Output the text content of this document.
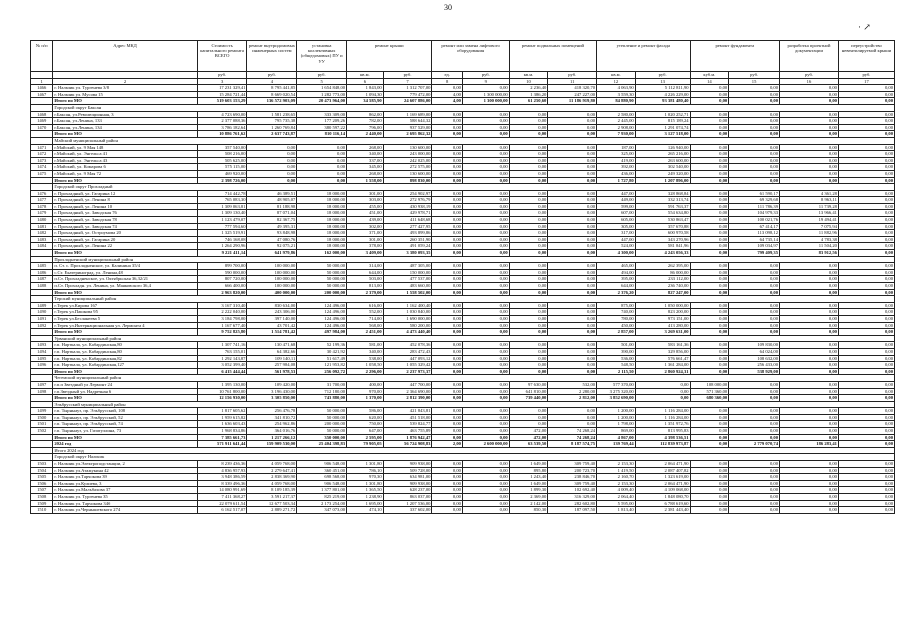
30
· ↗
№ п/п	Адрес МКД	Стоимость капитального ремонта ВСЕГО	ремонт внутридомовых инженерных систем	установка коллективных (общедомовых) ПУ и УУ	ремонт крыши		ремонт или замена лифтового оборудования		ремонт подвальных помещений		утепление и ремонт фасада		ремонт фундамента		разработка проектной документации	переустройство невентилируемой крыши
		руб.	руб.	руб.	кв.м.	руб.	ед.	руб.	кв.м.	руб.	кв.м.	руб.	куб.м.	руб.	руб.	руб.
1	2	3	4	5	6	7	8	9	10	11	12	13	14	15	16	17
1466	г. Нальчик ул. Тургенева 3/8	17 231 329,41	8 795 441,85	1 654 848,00	1 843,00	1 312 707,00	0,00	0,00	2 236,40	418 320,70	4 063,90	5 112 811,90	0,00	0,00	0,00	0,00
1467	г. Нальчик ул. Мусова 15	15 284 721,44	8 669 020,54	1 282 773,00	1 094,30	779 472,00	4,00	1 300 000,00	1 386,20	247 227,00	3 559,30	4 226 229,00	0,00	0,00	0,00	0,00
	Итого по МО	519 603 153,29	136 572 903,09	20 473 964,00	34 585,90	24 607 886,00	4,00	1 300 000,00	61 250,60	11 186 919,80	84 880,90	93 381 480,40	0,00	0,00	0,00	0,00
	Городской округ Баксан															
1468	г.Баксан, ул.Революционная, 3	4 723 690,00	1 581 238,65	333 309,00	862,00	1 169 689,00	0,00	0,00	0,00	0,00	2 580,00	1 020 252,71	0,00	0,00	0,00	0,00
1469	г.Баксан, ул.Ленина, 133	2 377 088,36	795 735,38	177 209,26	782,00	588 644,32	0,00	0,00	0,00	0,00	2 445,00	815 189,24	0,00	0,00	0,00	0,00
1470	г.Баксан, ул.Ленина, 134	3 786 182,64	1 260 769,84	380 597,22	796,00	937 529,00	0,00	0,00	0,00	0,00	2 908,00	1 291 074,74	0,00	0,00	0,00	0,00
	Итого по МО	10 886 761,62	2 637 743,87	810 116,14	2 440,00	2 695 862,32	0,00	0,00	0,00	0,00	7 930,00	3 127 518,00	0,00	0,00	0,00	0,00
	Майский муниципальный район															
1471	г.Майский, ул. 9 Мая 148	357 540,00	0,00	0,00	268,00	130 600,00	0,00	0,00	0,00	0,00	187,00	126 940,00	0,00	0,00	0,00	0,00
1472	г.Майский, ул. Энгельса 41	508 216,00	0,00	0,00	340,00	243 000,00	0,00	0,00	0,00	0,00	325,00	265 216,00	0,00	0,00	0,00	0,00
1473	г.Майский, ул. Энгельса 43	505 625,00	0,00	0,00	337,00	242 025,00	0,00	0,00	0,00	0,00	419,00	263 600,00	0,00	0,00	0,00	0,00
1474	г.Майский, ул. Комарова 6	575 115,00	0,00	0,00	345,00	272 575,00	0,00	0,00	0,00	0,00	392,00	302 540,00	0,00	0,00	0,00	0,00
1475	г.Майский, ул. 9 Мая 72	469 920,00	0,00	0,00	268,00	130 600,00	0,00	0,00	0,00	0,00	436,00	249 320,00	0,00	0,00	0,00	0,00
	Итого по МО	2 398 726,00	0,00	0,00	1 558,00	898 830,00	0,00	0,00	0,00	0,00	1 727,80	1 207 896,00	0,00	0,00	0,00	0,00
	Городской округ Прохладный															
1476	г. Прохладный, ул. Гагарина 12	714 442,78	46 389,51	18 000,00	301,00	254 902,97	0,00	0,00	0,00	0,00	447,00	328 868,84	0,00	61 590,17	4 361,28	0,00
1477	г. Прохладный, ул. Ленина 8	765 083,30	48 905,07	18 000,00	303,00	272 976,79	0,00	0,00	0,00	0,00	449,00	332 313,74	0,00	69 329,68	8 963,11	0,00
1478	г. Прохладный, ул. Ленина 10	1 309 063,81	81 188,98	18 000,00	455,00	430 938,19	0,00	0,00	0,00	0,00	599,00	591 763,37	0,00	111 786,39	11 739,28	0,00
1479	г. Прохладный, ул. Заводская 76	1 309 130,40	87 071,04	18 000,00	451,00	429 978,71	0,00	0,00	0,00	0,00	607,00	554 634,80	0,00	104 979,33	13 966,41	0,00
1480	г. Прохладный, ул. Заводская 78	1 123 479,07	82 367,75	18 000,00	439,00	411 648,68	0,00	0,00	0,00	0,00	605,00	530 863,47	0,00	100 021,76	19 494,41	0,00
1481	г. Прохладный, ул. Заводская 74	777 594,60	49 395,31	18 000,00	302,00	277 427,95	0,00	0,00	0,00	0,00	305,00	357 670,88	0,00	67 414,17	7 075,94	0,00
1482	г. Прохладный, ул. Остроумова 20	1 325 519,91	93 848,98	18 000,00	371,00	493 899,86	0,00	0,00	0,00	0,00	317,00	600 970,58	0,00	113 098,12	11 882,96	0,00
1483	г. Прохладный, ул. Гагарина 20	746 168,08	47 080,76	18 000,00	301,00	260 351,90	0,00	0,00	0,00	0,00	447,00	343 270,96	0,00	64 735,14	4 783,38	0,00
1484	г. Прохладный, ул. Ленина 22	1 264 290,96	92 075,21	18 000,00	378,00	491 059,24	0,00	0,00	0,00	0,00	524,00	581 841,96	0,00	109 034,97	11 504,20	0,00
	Итого по МО	9 221 411,14	641 979,86	162 000,00	3 409,00	3 380 093,35	0,00	0,00	0,00	0,00	4 300,00	4 243 056,33	0,00	799 409,35	83 912,56	0,00
	Прохладненский муниципальный район															
1485	п. Ст. с. Прохладненское, ул. Калинина 35/4	899 700,00	100 000,00	50 000,00	314,00	487 305,00	0,00	0,00	0,00	0,00	465,00	262 395,00	0,00	0,00	0,00	0,00
1486	с.Ст. Екатериноград, ул. Ленина,48	590 000,00	100 000,00	50 000,00	644,00	150 000,00	0,00	0,00	0,00	0,00	494,00	86 000,00	0,00	0,00	0,00	0,00
1487	п.Ст. Прохладненское, ул. Октябрьская 36,32/21	807 720,00	100 000,00	50 000,00	503,00	477 537,00	0,00	0,00	0,00	0,00	395,00	233 112,00	0,00	0,00	0,00	0,00
1488	п.Ст. Прохладн. ул. Ленина, ул. Маяковского 36,4	666 400,00	100 000,00	50 000,00	813,00	483 660,00	0,00	0,00	0,00	0,00	644,00	236 740,00	0,00	0,00	0,00	0,00
	Итого по МО	2 963 820,00	400 000,00	200 000,00	2 379,00	1 558 502,00	0,00	0,00	0,00	0,00	2 376,20	827 247,00	0,00	0,00	0,00	0,00
	Терский муниципальный район															
1489	г.Терек ул.Кирова 167	3 167 310,40	830 634,00	124 496,00	616,00	1 162 400,40	0,00	0,00	0,00	0,00	875,00	1 050 000,00	0,00	0,00	0,00	0,00
1490	г.Терек ул.Пашкова 95	2 222 040,00	243 306,00	124 496,00	552,00	1 030 840,00	0,00	0,00	0,00	0,00	740,00	823 200,00	0,00	0,00	0,00	0,00
1491	г.Терек ул.Бесланеева 5	3 184 798,00	397 140,00	124 496,00	714,00	1 690 000,00	0,00	0,00	0,00	0,00	780,00	973 151,00	0,00	0,00	0,00	0,00
1492	г.Терек ул.Интернациональная ул. Лермонта 4	1 167 677,40	43 701,42	124 496,00	568,00	580 200,00	0,00	0,00	0,00	0,00	450,00	413 280,00	0,00	0,00	0,00	0,00
	Итого по МО	9 752 825,80	1 514 781,42	497 984,00	2 451,00	4 473 440,40	0,00	0,00	0,00	0,00	2 857,00	3 269 631,00	0,00	0,00	0,00	0,00
	Урванский муниципальный район															
1493	г.п. Нарткала, ул. Кабардинская,80	1 307 741,16	130 471,68	52 199,36	581,00	452 078,36	0,00	0,00	0,00	0,00	501,00	583 161,36	0,00	109 830,00	0,00	0,00
1494	г.п. Нарткала, ул. Кабардинская,80	763 155,01	64 382,66	30 421,92	340,00	283 472,43	0,00	0,00	0,00	0,00	390,00	329 856,00	0,00	64 024,00	0,00	0,00
1495	г.п. Нарткала, ул. Кабардинская,82	1 292 143,87	109 140,11	51 617,49	538,00	447 093,12	0,00	0,00	0,00	0,00	536,00	576 661,47	0,00	108 632,00	0,00	0,00
1496	г.п. Нарткала, ул. Кабардинская,127	3 052 399,40	257 984,08	121 953,82	1 058,50	1 055 329,42	0,00	0,00	0,00	0,00	548,50	1 361 284,00	0,00	256 433,00	0,00	0,00
	Итого по МО	6 415 444,44	561 978,53	256 092,72	2 296,00	2 237 973,37	0,00	0,00	0,00	0,00	2 115,50	2 860 924,31	0,00	538 929,00	0,00	0,00
	Чегемский муниципальный район															
1497	г.п.п Звездный ул Лермонт 24	1 395 130,00	109 420,00	31 700,00	400,00	447 700,00	0,00	0,00	97 630,00	532,00	577 370,00	0,00	108 000,00	0,00	0,00	0,00
1498	г.п.Звездный ул. Надречная 6	10 761 800,00	3 196 430,00	712 180,00	970,00	2 364 690,00	0,00	0,00	641 810,00	2 280,00	3 275 320,00	0,00	571 360,00	0,00	0,00	0,00
	Итого по МО	12 156 930,00	3 305 850,00	743 880,00	1 370,00	2 812 390,00	0,00	0,00	739 440,00	2 812,00	3 852 690,00	0,00	680 360,00	0,00	0,00	0,00
	Эльбрусский муниципальный район															
1499	г.п. Тырныауз, пр. Эльбрусский, 108	1 817 605,62	256 476,78	50 000,00	586,00	421 843,81	0,00	0,00	0,00	0,00	1 200,00	1 116 284,00	0,00	0,00	0,00	0,00
1500	г.п. Тырныауз, пр. Эльбрусский, 52	1 959 615,82	341 810,72	50 000,00	620,00	451 518,00	0,00	0,00	0,00	0,00	1 200,00	1 116 284,00	0,00	0,00	0,00	0,00
1501	г.п. Тырныауз, пр. Эльбрусский, 74	1 636 603,43	254 962,86	200 000,00	750,00	539 824,77	0,00	0,00	0,00	0,00	1 798,00	1 351 972,76	0,00	0,00	0,00	0,00
1502	г.п. Тырныауз, ул. Гизатуллина, 73	1 968 834,86	364 016,76	50 000,00	647,00	463 755,89	0,00	0,00	472,00	74 268,24	869,00	813 995,83	0,00	0,00	0,00	0,00
	Итого по МО	7 385 661,73	1 217 266,12	350 000,00	2 595,00	1 876 942,47	0,00	0,00	472,00	74 268,24	4 867,00	4 398 536,51	0,00	0,00	0,00	0,00
	2024 год	571 911 641,44	159 909 530,00	25 404 398,83	79 905,05	56 724 908,83	2,00	2 600 000,00	63 539,50	8 187 574,75	139 769,44	112 839 973,87	0,00	2 779 070,74	186 283,41	0,00
	Итого 2024 год															
	Городской округ Нальчик															
1503	г. Нальчик ул.Электроподстанции, 2	8 239 436,36	4 059 768,00	906 548,00	1 301,80	909 938,00	0,00	0,00	1 649,00	309 759,40	2 153,30	2 064 471,90	0,00	0,00	0,00	0,00
1504	г. Нальчик ул.Атажукина 42	4 836 957,93	2 279 647,41	360 451,00	786,10	509 728,00	0,00	0,00	895,80	200 723,70	1 419,50	2 087 407,82	0,00	0,00	0,00	0,00
1505	г. Нальчик ул.Тарчокова 39	3 948 386,59	2 838 369,90	698 568,00	970,30	634 981,00	0,00	0,00	1 243,40	238 846,70	2 160,70	1 323 619,00	0,00	0,00	0,00	0,00
1506	г. Нальчик ул.Кулиева, 3	8 339 496,36	4 059 768,00	906 548,00	1 301,80	909 938,00	0,00	0,00	1 649,00	309 759,40	2 153,30	2 064 471,90	0,00	0,00	0,00	0,00
1507	г. Нальчик ул.Мальбахова 37	14 080 991,69	8 109 185,39	1 377 801,00	1 365,50	628 237,00	0,00	0,00	1 899,30	102 692,40	4 009,40	4 109 068,00	0,00	0,00	0,00	0,00
1508	г. Нальчик ул. Тургенева 35	7 411 368,27	3 591 217,37	825 219,00	1 238,90	863 037,00	0,00	0,00	2 369,00	316 329,00	2 064,40	1 848 080,70	0,00	0,00	0,00	0,00
1509	г. Нальчик ул. Тарчокова 34б	22 079 611,54	12 677 503,34	2 173 254,00	1 695,00	1 207 536,00	0,00	0,00	2 142,00	282 602,80	5 595,00	6 788 619,60	0,00	0,00	0,00	0,00
1510	г. Нальчик ул.Чернышевского 274	6 162 517,07	2 889 271,72	347 073,00	474,10	337 602,00	0,00	0,00	850,30	187 097,50	1 813,40	2 381 443,40	0,00	0,00	0,00	0,00
